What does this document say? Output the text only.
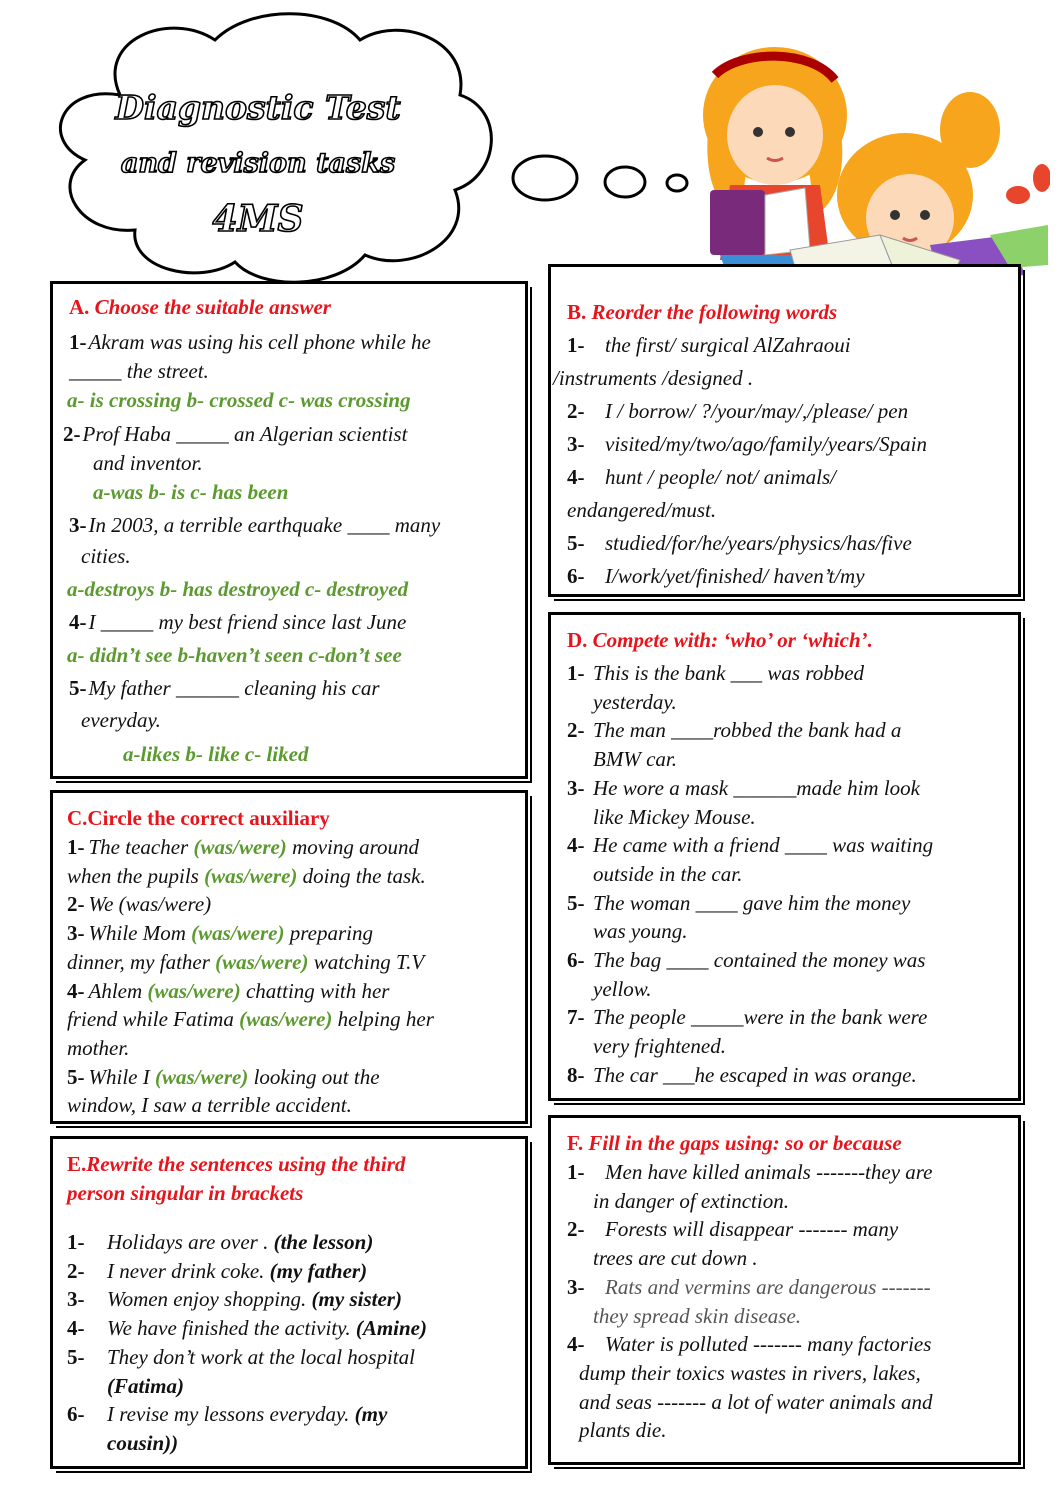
Diagnostic Test
and revision tasks
4MS
A. Choose the suitable answer
1-Akram was using his cell phone while he
_____ the street.
a- is crossing b- crossed c- was crossing
2-Prof Haba _____ an Algerian scientist
and inventor.
a-was b- is c- has been
3-In 2003, a terrible earthquake ____ many
cities.
a-destroys b- has destroyed c- destroyed
4-I _____ my best friend since last June
a- didn’t see b-haven’t seen c-don’t see
5-My father ______ cleaning his car
everyday.
a-likes b- like c- liked
B. Reorder the following words
1- the first/ surgical AlZahraoui
/instruments /designed .
2- I / borrow/ ?/your/may/,/please/ pen
3- visited/my/two/ago/family/years/Spain
4- hunt / people/ not/ animals/
endangered/must.
5- studied/for/he/years/physics/has/five
6- I/work/yet/finished/ haven’t/my
C.Circle the correct auxiliary
1- The teacher (was/were) moving around
when the pupils (was/were) doing the task.
2- We (was/were)
3- While Mom (was/were) preparing
dinner, my father (was/were) watching T.V
4- Ahlem (was/were) chatting with her
friend while Fatima (was/were) helping her
mother.
5- While I (was/were) looking out the
window, I saw a terrible accident.
D. Compete with: ‘who’ or ‘which’.
1- This is the bank ___ was robbed
yesterday.
2- The man ____robbed the bank had a
BMW car.
3- He wore a mask ______made him look
like Mickey Mouse.
4- He came with a friend ____ was waiting
outside in the car.
5- The woman ____ gave him the money
was young.
6- The bag ____ contained the money was
yellow.
7- The people _____were in the bank were
very frightened.
8- The car ___he escaped in was orange.
E.Rewrite the sentences using the third
person singular in brackets
1- Holidays are over . (the lesson)
2- I never drink coke. (my father)
3- Women enjoy shopping. (my sister)
4- We have finished the activity. (Amine)
5- They don’t work at the local hospital
(Fatima)
6- I revise my lessons everyday. (my
cousin))
F. Fill in the gaps using: so or because
1- Men have killed animals -------they are
in danger of extinction.
2- Forests will disappear ------- many
trees are cut down .
3- Rats and vermins are dangerous -------
they spread skin disease.
4- Water is polluted ------- many factories
dump their toxics wastes in rivers, lakes,
and seas ------- a lot of water animals and
plants die.
